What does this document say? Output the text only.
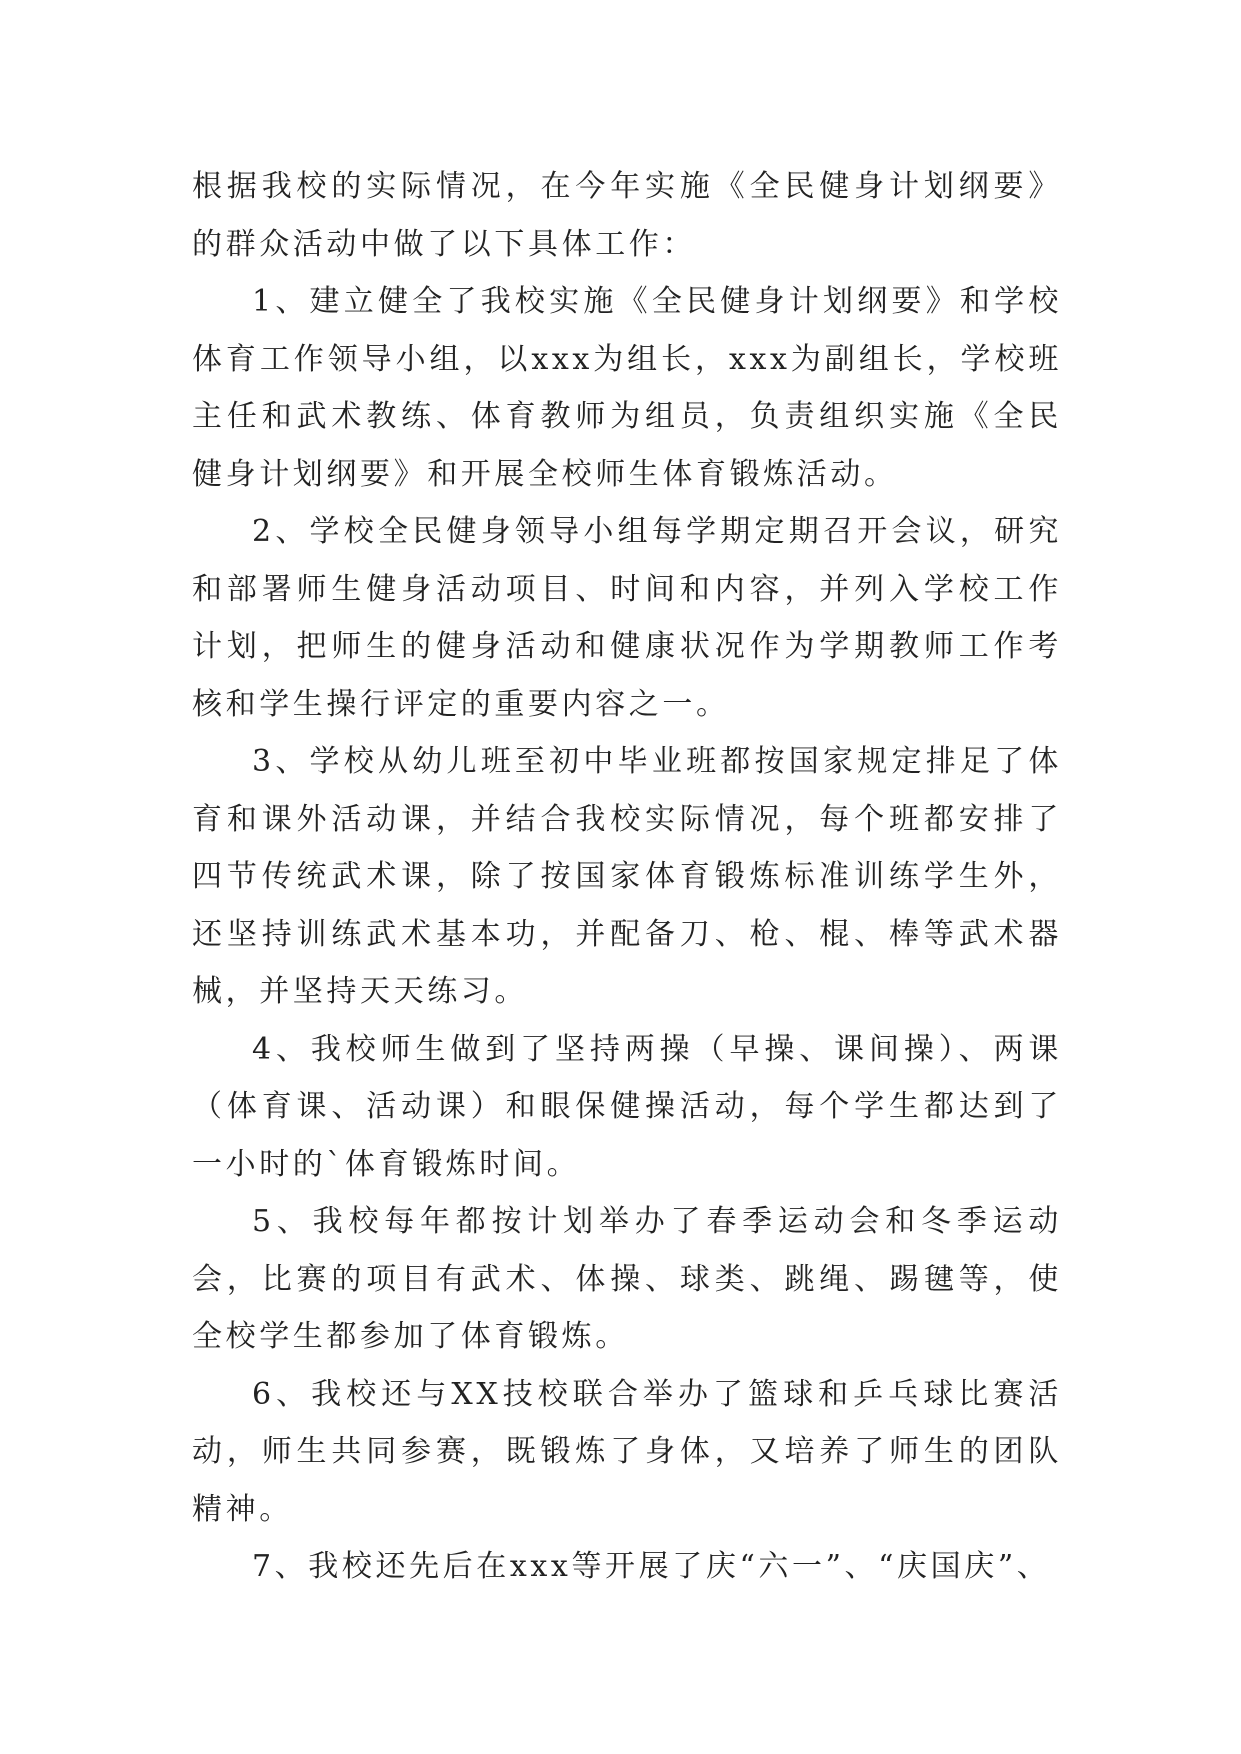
根据我校的实际情况，在今年实施《全民健身计划纲要》的群众活动中做了以下具体工作：

1、建立健全了我校实施《全民健身计划纲要》和学校体育工作领导小组，以xxx为组长，xxx为副组长，学校班主任和武术教练、体育教师为组员，负责组织实施《全民健身计划纲要》和开展全校师生体育锻炼活动。

2、学校全民健身领导小组每学期定期召开会议，研究和部署师生健身活动项目、时间和内容，并列入学校工作计划，把师生的健身活动和健康状况作为学期教师工作考核和学生操行评定的重要内容之一。

3、学校从幼儿班至初中毕业班都按国家规定排足了体育和课外活动课，并结合我校实际情况，每个班都安排了四节传统武术课，除了按国家体育锻炼标准训练学生外，还坚持训练武术基本功，并配备刀、枪、棍、棒等武术器械，并坚持天天练习。

4、我校师生做到了坚持两操（早操、课间操）、两课（体育课、活动课）和眼保健操活动，每个学生都达到了一小时的`体育锻炼时间。

5、我校每年都按计划举办了春季运动会和冬季运动会，比赛的项目有武术、体操、球类、跳绳、踢毽等，使全校学生都参加了体育锻炼。

6、我校还与XX技校联合举办了篮球和乒乓球比赛活动，师生共同参赛，既锻炼了身体，又培养了师生的团队精神。

7、我校还先后在xxx等开展了庆“六一”、“庆国庆”、
